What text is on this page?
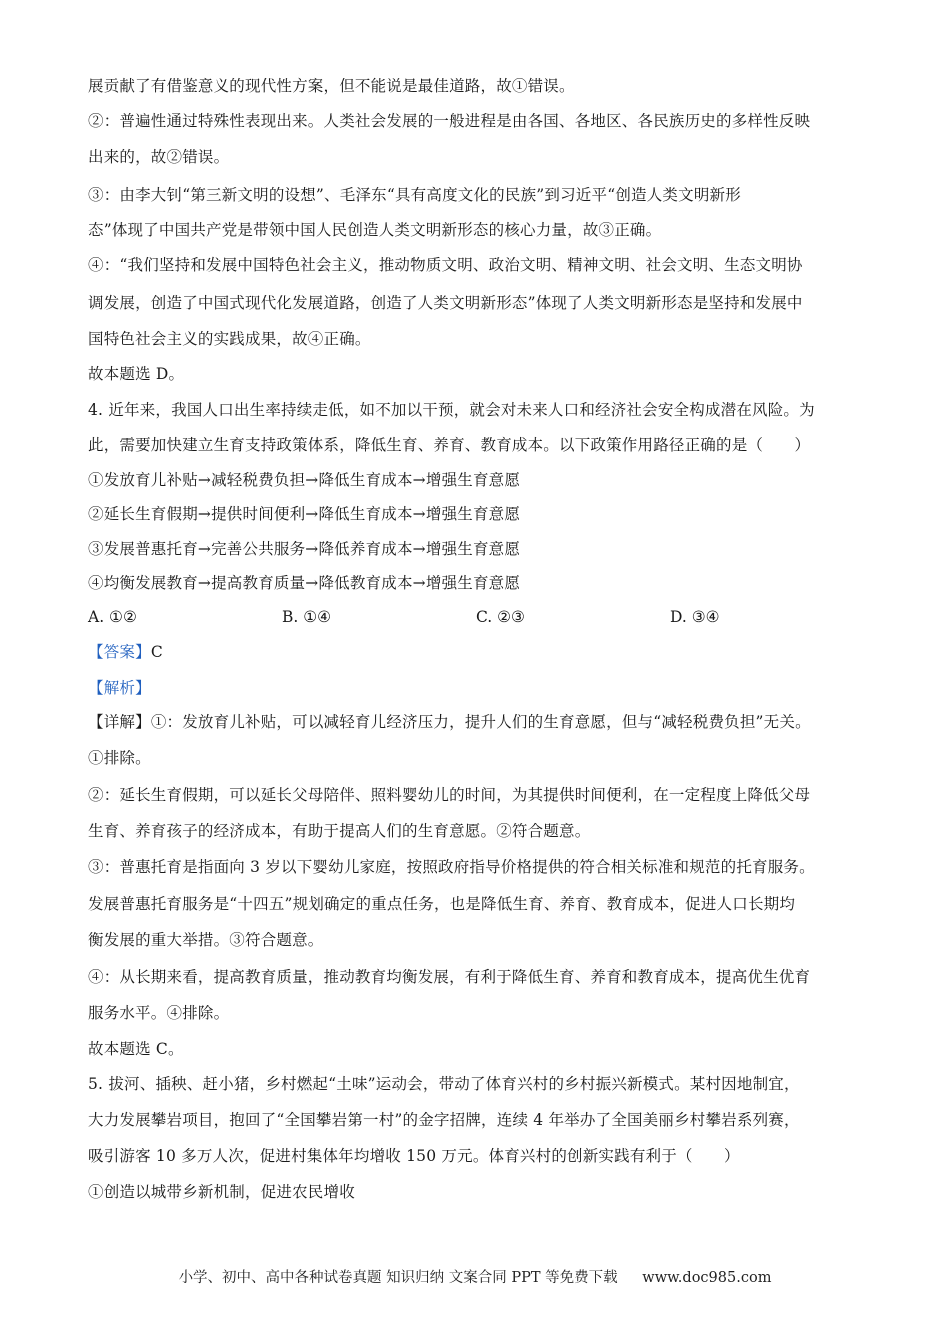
展贡献了有借鉴意义的现代性方案，但不能说是最佳道路，故①错误。
②：普遍性通过特殊性表现出来。人类社会发展的一般进程是由各国、各地区、各民族历史的多样性反映
出来的，故②错误。
③：由李大钊“第三新文明的设想”、毛泽东“具有高度文化的民族”到习近平“创造人类文明新形
态”体现了中国共产党是带领中国人民创造人类文明新形态的核心力量，故③正确。
④：“我们坚持和发展中国特色社会主义，推动物质文明、政治文明、精神文明、社会文明、生态文明协
调发展，创造了中国式现代化发展道路，创造了人类文明新形态”体现了人类文明新形态是坚持和发展中
国特色社会主义的实践成果，故④正确。
故本题选 D。
4. 近年来，我国人口出生率持续走低，如不加以干预，就会对未来人口和经济社会安全构成潜在风险。为
此，需要加快建立生育支持政策体系，降低生育、养育、教育成本。以下政策作用路径正确的是（　　）
①发放育儿补贴→减轻税费负担→降低生育成本→增强生育意愿
②延长生育假期→提供时间便利→降低生育成本→增强生育意愿
③发展普惠托育→完善公共服务→降低养育成本→增强生育意愿
④均衡发展教育→提高教育质量→降低教育成本→增强生育意愿
A. ①②	B. ①④	C. ②③	D. ③④
【答案】C
【解析】
【详解】①：发放育儿补贴，可以减轻育儿经济压力，提升人们的生育意愿，但与“减轻税费负担”无关。
①排除。
②：延长生育假期，可以延长父母陪伴、照料婴幼儿的时间，为其提供时间便利，在一定程度上降低父母
生育、养育孩子的经济成本，有助于提高人们的生育意愿。②符合题意。
③：普惠托育是指面向 3 岁以下婴幼儿家庭，按照政府指导价格提供的符合相关标准和规范的托育服务。
发展普惠托育服务是“十四五”规划确定的重点任务，也是降低生育、养育、教育成本，促进人口长期均
衡发展的重大举措。③符合题意。
④：从长期来看，提高教育质量，推动教育均衡发展，有利于降低生育、养育和教育成本，提高优生优育
服务水平。④排除。
故本题选 C。
5. 拔河、插秧、赶小猪，乡村燃起“土味”运动会，带动了体育兴村的乡村振兴新模式。某村因地制宜，
大力发展攀岩项目，抱回了“全国攀岩第一村”的金字招牌，连续 4 年举办了全国美丽乡村攀岩系列赛，
吸引游客 10 多万人次，促进村集体年均增收 150 万元。体育兴村的创新实践有利于（　　）
①创造以城带乡新机制，促进农民增收
小学、初中、高中各种试卷真题 知识归纳 文案合同 PPT 等免费下载 www.doc985.com
